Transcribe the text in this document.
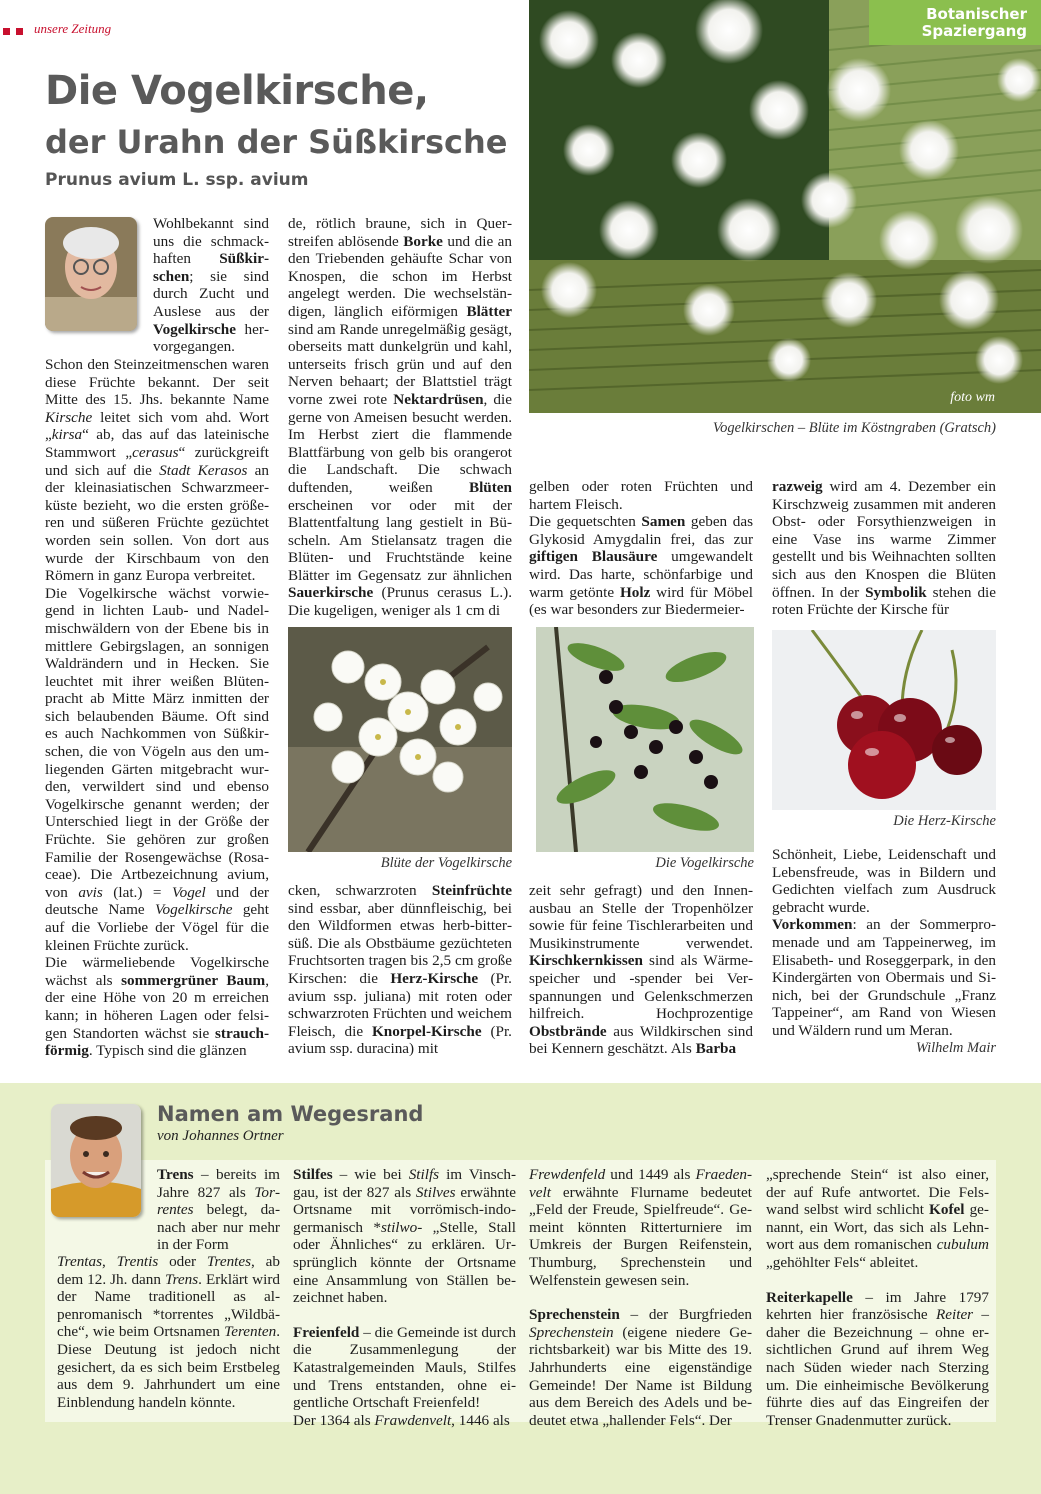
unsere Zeitung
Die Vogelkirsche,
der Urahn der Süßkirsche
Prunus avium L. ssp. avium
foto wm
Vogelkirschen – Blüte im Köstngraben (Gratsch)
Botanischer
Spaziergang

Wohlbekannt sind uns die schmackhaften Süßkirschen; sie sind durch Zucht und Auslese aus der Vogelkirsche hervorgegangen.

Schon den Steinzeitmenschen waren diese Früchte bekannt. Der seit Mitte des 15. Jhs. bekannte Name Kirsche leitet sich vom ahd. Wort „kirsa“ ab, das auf das lateinische Stammwort „cerasus“ zurückgreift und sich auf die Stadt Kerasos an der kleinasiatischen Schwarzmeerküste bezieht, wo die ersten größeren und süßeren Früchte gezüchtet worden sein sollen. Von dort aus wurde der Kirschbaum von den Römern in ganz Europa verbreitet.

Die Vogelkirsche wächst vorwiegend in lichten Laub- und Nadelmischwäldern von der Ebene bis in mittlere Gebirgslagen, an sonnigen Waldrändern und in Hecken. Sie leuchtet mit ihrer weißen Blütenpracht ab Mitte März inmitten der sich belaubenden Bäume. Oft sind es auch Nachkommen von Süßkirschen, die von Vögeln aus den umliegenden Gärten mitgebracht wurden, verwildert sind und ebenso Vogelkirsche genannt werden; der Unterschied liegt in der Größe der Früchte. Sie gehören zur großen Familie der Rosengewächse (Rosaceae). Die Artbezeichnung avium, von avis (lat.) = Vogel und der deutsche Name Vogelkirsche geht auf die Vorliebe der Vögel für die kleinen Früchte zurück.

Die wärmeliebende Vogelkirsche wächst als sommergrüner Baum, der eine Höhe von 20 m erreichen kann; in höheren Lagen oder felsigen Standorten wächst sie strauchförmig. Typisch sind die glänzen

de, rötlich braune, sich in Querstreifen ablösende Borke und die an den Triebenden gehäufte Schar von Knospen, die schon im Herbst angelegt werden. Die wechselständigen, länglich eiförmigen Blätter sind am Rande unregelmäßig gesägt, oberseits matt dunkelgrün und kahl, unterseits frisch grün und auf den Nerven behaart; der Blattstiel trägt vorne zwei rote Nektardrüsen, die gerne von Ameisen besucht werden. Im Herbst ziert die flammende Blattfärbung von gelb bis orangerot die Landschaft. Die schwach duftenden, weißen Blüten erscheinen vor oder mit der Blattentfaltung lang gestielt in Büscheln. Am Stielansatz tragen die Blüten- und Fruchtstände keine Blätter im Gegensatz zur ähnlichen Sauerkirsche (Prunus cerasus L.). Die kugeligen, weniger als 1 cm di

gelben oder roten Früchten und hartem Fleisch.

Die gequetschten Samen geben das Glykosid Amygdalin frei, das zur giftigen Blausäure umgewandelt wird. Das harte, schönfarbige und warm getönte Holz wird für Möbel (es war besonders zur Biedermeier-

razweig wird am 4. Dezember ein Kirschzweig zusammen mit anderen Obst- oder Forsythienzweigen in eine Vase ins warme Zimmer gestellt und bis Weihnachten sollten sich aus den Knospen die Blüten öffnen. In der Symbolik stehen die roten Früchte der Kirsche für

Blüte der Vogelkirsche	Die Vogelkirsche
Die Herz-Kirsche

cken, schwarzroten Steinfrüchte sind essbar, aber dünnfleischig, bei den Wildformen etwas herb-bittersüß. Die als Obstbäume gezüchteten Fruchtsorten tragen bis 2,5 cm große Kirschen: die Herz-Kirsche (Pr. avium ssp. juliana) mit roten oder schwarzroten Früchten und weichem Fleisch, die Knorpel-Kirsche (Pr. avium ssp. duracina) mit

zeit sehr gefragt) und den Innenausbau an Stelle der Tropenhölzer sowie für feine Tischlerarbeiten und Musikinstrumente verwendet. Kirschkernkissen sind als Wärmespeicher und -spender bei Verspannungen und Gelenkschmerzen hilfreich. Hochprozentige Obstbrände aus Wildkirschen sind bei Kennern geschätzt. Als Barba

Schönheit, Liebe, Leidenschaft und Lebensfreude, was in Bildern und Gedichten vielfach zum Ausdruck gebracht wurde.

Vorkommen: an der Sommerpromenade und am Tappeinerweg, im Elisabeth- und Roseggerpark, in den Kindergärten von Obermais und Sinich, bei der Grundschule „Franz Tappeiner“, am Rand von Wiesen und Wäldern rund um Meran.

Wilhelm Mair
Namen am Wegesrand
von Johannes Ortner

Trens – bereits im Jahre 827 als Torrentes belegt, danach aber nur mehr in der Form

Trentas, Trentis oder Trentes, ab dem 12. Jh. dann Trens. Erklärt wird der Name traditionell as alpenromanisch *torrentes „Wildbäche“, wie beim Ortsnamen Terenten. Diese Deutung ist jedoch nicht gesichert, da es sich beim Erstbeleg aus dem 9. Jahrhundert um eine Einblendung handeln könnte.

Stilfes – wie bei Stilfs im Vinschgau, ist der 827 als Stilves erwähnte Ortsname mit vorrömisch-indogermanisch *stilwo- „Stelle, Stall oder Ähnliches“ zu erklären. Ursprünglich könnte der Ortsname eine Ansammlung von Ställen bezeichnet haben.

Freienfeld – die Gemeinde ist durch die Zusammenlegung der Katastralgemeinden Mauls, Stilfes und Trens entstanden, ohne eigentliche Ortschaft Freienfeld!

Der 1364 als Frawdenvelt, 1446 als

Frewdenfeld und 1449 als Fraedenvelt erwähnte Flurname bedeutet „Feld der Freude, Spielfreude“. Gemeint könnten Ritterturniere im Umkreis der Burgen Reifenstein, Thumburg, Sprechenstein und Welfenstein gewesen sein.

Sprechenstein – der Burgfrieden Sprechenstein (eigene niedere Gerichtsbarkeit) war bis Mitte des 19. Jahrhunderts eine eigenständige Gemeinde! Der Name ist Bildung aus dem Bereich des Adels und bedeutet etwa „hallender Fels“. Der

„sprechende Stein“ ist also einer, der auf Rufe antwortet. Die Felswand selbst wird schlicht Kofel genannt, ein Wort, das sich als Lehnwort aus dem romanischen cubulum „gehöhlter Fels“ ableitet.

Reiterkapelle – im Jahre 1797 kehrten hier französische Reiter – daher die Bezeichnung – ohne ersichtlichen Grund auf ihrem Weg nach Süden wieder nach Sterzing um. Die einheimische Bevölkerung führte dies auf das Eingreifen der Trenser Gnadenmutter zurück.
